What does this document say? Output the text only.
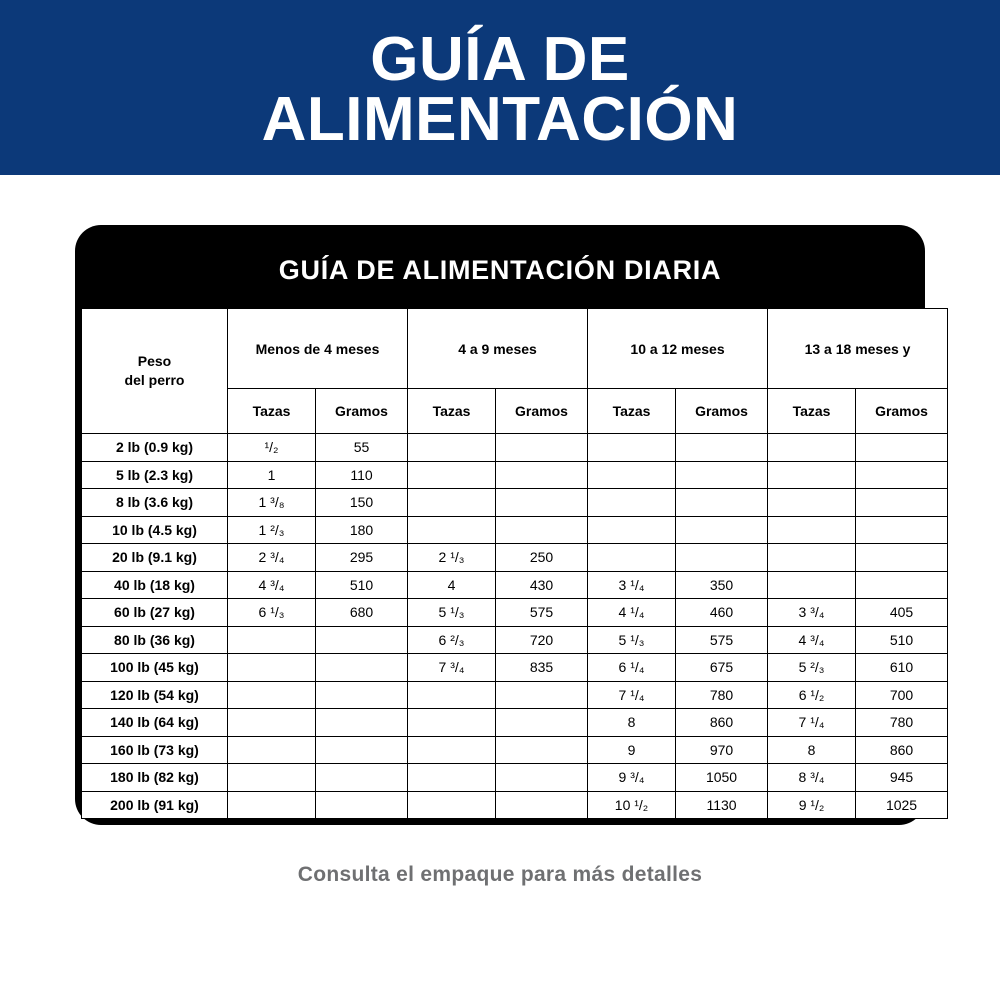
GUÍA DE
ALIMENTACIÓN
GUÍA DE ALIMENTACIÓN DIARIA
Peso
del perro	Menos de 4 meses		4 a 9 meses		10 a 12 meses		13 a 18 meses y	
	Tazas	Gramos	Tazas	Gramos	Tazas	Gramos	Tazas	Gramos
2 lb (0.9 kg)	¹/₂	55						
5 lb (2.3 kg)	1	110						
8 lb (3.6 kg)	1 ³/₈	150						
10 lb (4.5 kg)	1 ²/₃	180						
20 lb (9.1 kg)	2 ³/₄	295	2 ¹/₃	250				
40 lb (18 kg)	4 ³/₄	510	4	430	3 ¹/₄	350		
60 lb (27 kg)	6 ¹/₃	680	5 ¹/₃	575	4 ¹/₄	460	3 ³/₄	405
80 lb (36 kg)			6 ²/₃	720	5 ¹/₃	575	4 ³/₄	510
100 lb (45 kg)			7 ³/₄	835	6 ¹/₄	675	5 ²/₃	610
120 lb (54 kg)					7 ¹/₄	780	6 ¹/₂	700
140 lb (64 kg)					8	860	7 ¹/₄	780
160 lb (73 kg)					9	970	8	860
180 lb (82 kg)					9 ³/₄	1050	8 ³/₄	945
200 lb (91 kg)					10 ¹/₂	1130	9 ¹/₂	1025
Consulta el empaque para más detalles
